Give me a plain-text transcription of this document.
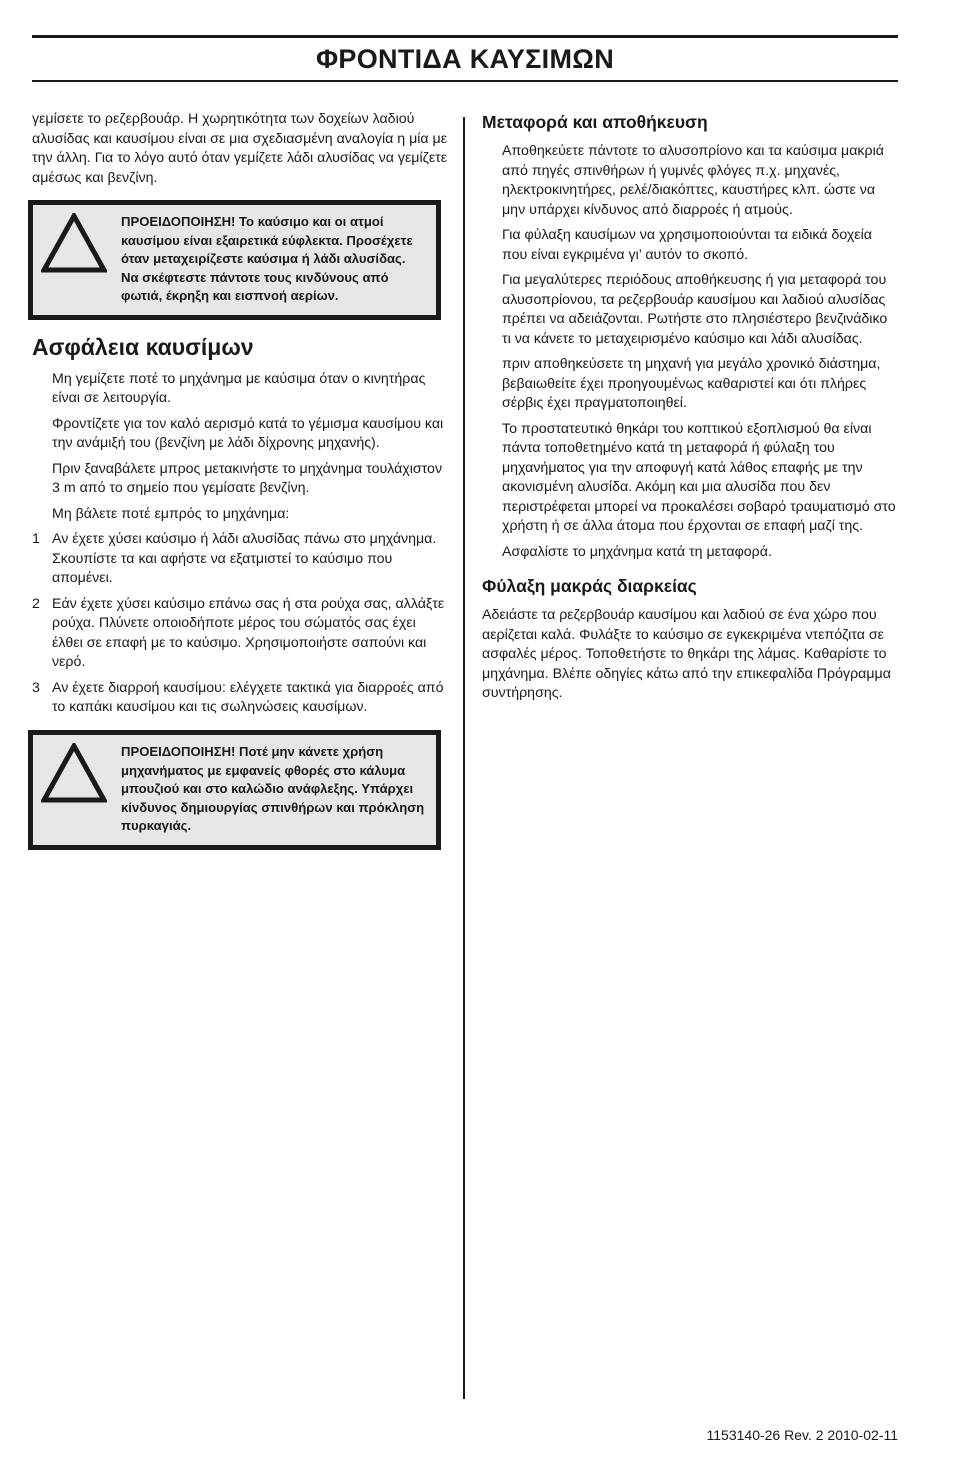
ΦΡΟΝΤΙΔΑ ΚΑΥΣΙΜΩΝ

γεμίσετε το ρεζερβουάρ. Η χωρητικότητα των δοχείων λαδιού αλυσίδας και καυσίμου είναι σε μια σχεδιασμένη αναλογία η μία με την άλλη. Για το λόγο αυτό όταν γεμίζετε λάδι αλυσίδας να γεμίζετε αμέσως και βενζίνη.

ΠΡΟΕΙΔΟΠΟΙΗΣΗ! Το καύσιμο και οι ατμοί καυσίμου είναι εξαιρετικά εύφλεκτα. Προσέχετε όταν μεταχειρίζεστε καύσιμα ή λάδι αλυσίδας. Να σκέφτεστε πάντοτε τους κινδύνους από φωτιά, έκρηξη και εισπνοή αερίων.
Ασφάλεια καυσίμων

Μη γεμίζετε ποτέ το μηχάνημα με καύσιμα όταν ο κινητήρας είναι σε λειτουργία.

Φροντίζετε για τον καλό αερισμό κατά το γέμισμα καυσίμου και την ανάμιξή του (βενζίνη με λάδι δίχρονης μηχανής).

Πριν ξαναβάλετε μπρος μετακινήστε το μηχάνημα τουλάχιστον 3 m από το σημείο που γεμίσατε βενζίνη.

Μη βάλετε ποτέ εμπρός το μηχάνημα:

1 Αν έχετε χύσει καύσιμο ή λάδι αλυσίδας πάνω στο μηχάνημα. Σκουπίστε τα και αφήστε να εξατμιστεί το καύσιμο που απομένει.
2 Εάν έχετε χύσει καύσιμο επάνω σας ή στα ρούχα σας, αλλάξτε ρούχα. Πλύνετε οποιοδήποτε μέρος του σώματός σας έχει έλθει σε επαφή με το καύσιμο. Χρησιμοποιήστε σαπούνι και νερό.
3 Αν έχετε διαρροή καυσίμου: ελέγχετε τακτικά για διαρροές από το καπάκι καυσίμου και τις σωληνώσεις καυσίμων.
ΠΡΟΕΙΔΟΠΟΙΗΣΗ! Ποτέ μην κάνετε χρήση μηχανήματος με εμφανείς φθορές στο κάλυμα μπουζιού και στο καλώδιο ανάφλεξης. Υπάρχει κίνδυνος δημιουργίας σπινθήρων και πρόκληση πυρκαγιάς.
Μεταφορά και αποθήκευση

Αποθηκεύετε πάντοτε το αλυσοπρίονο και τα καύσιμα μακριά από πηγές σπινθήρων ή γυμνές φλόγες π.χ. μηχανές, ηλεκτροκινητήρες, ρελέ/διακόπτες, καυστήρες κλπ. ώστε να μην υπάρχει κίνδυνος από διαρροές ή ατμούς.

Για φύλαξη καυσίμων να χρησιμοποιούνται τα ειδικά δοχεία που είναι εγκριμένα γι’ αυτόν το σκοπό.

Για μεγαλύτερες περιόδους αποθήκευσης ή για μεταφορά του αλυσοπρίονου, τα ρεζερβουάρ καυσίμου και λαδιού αλυσίδας πρέπει να αδειάζονται. Ρωτήστε στο πλησιέστερο βενζινάδικο τι να κάνετε το μεταχειρισμένο καύσιμο και λάδι αλυσίδας.

πριν αποθηκεύσετε τη μηχανή για μεγάλο χρονικό διάστημα, βεβαιωθείτε έχει προηγουμένως καθαριστεί και ότι πλήρες σέρβις έχει πραγματοποιηθεί.

Το προστατευτικό θηκάρι του κοπτικού εξοπλισμού θα είναι πάντα τοποθετημένο κατά τη μεταφορά ή φύλαξη του μηχανήματος για την αποφυγή κατά λάθος επαφής με την ακονισμένη αλυσίδα. Ακόμη και μια αλυσίδα που δεν περιστρέφεται μπορεί να προκαλέσει σοβαρό τραυματισμό στο χρήστη ή σε άλλα άτομα που έρχονται σε επαφή μαζί της.

Ασφαλίστε το μηχάνημα κατά τη μεταφορά.

Φύλαξη μακράς διαρκείας

Αδειάστε τα ρεζερβουάρ καυσίμου και λαδιού σε ένα χώρο που αερίζεται καλά. Φυλάξτε το καύσιμο σε εγκεκριμένα ντεπόζιτα σε ασφαλές μέρος. Τοποθετήστε το θηκάρι της λάμας. Καθαρίστε το μηχάνημα. Βλέπε οδηγίες κάτω από την επικεφαλίδα Πρόγραμμα συντήρησης.

1153140-26 Rev. 2 2010-02-11
